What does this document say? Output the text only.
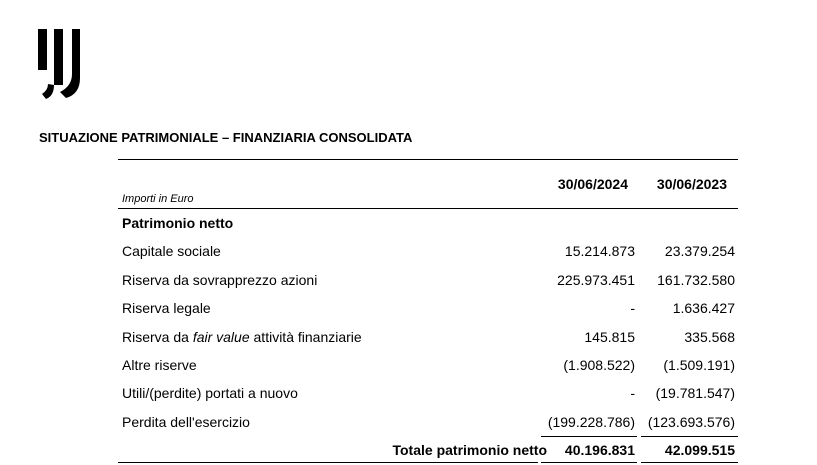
SITUAZIONE PATRIMONIALE – FINANZIARIA CONSOLIDATA
Importi in Euro
30/06/2024 30/06/2023
Patrimonio netto
Capitale sociale	15.214.873 23.379.254
Riserva da sovrapprezzo azioni	225.973.451 161.732.580
Riserva legale	-	1.636.427
Riserva da fair value attività finanziarie	145.815	335.568
Altre riserve	(1.908.522) (1.509.191)
Utili/(perdite) portati a nuovo	- (19.781.547)
Perdita dell'esercizio	(199.228.786) (123.693.576)
Totale patrimonio netto 40.196.831 42.099.515
